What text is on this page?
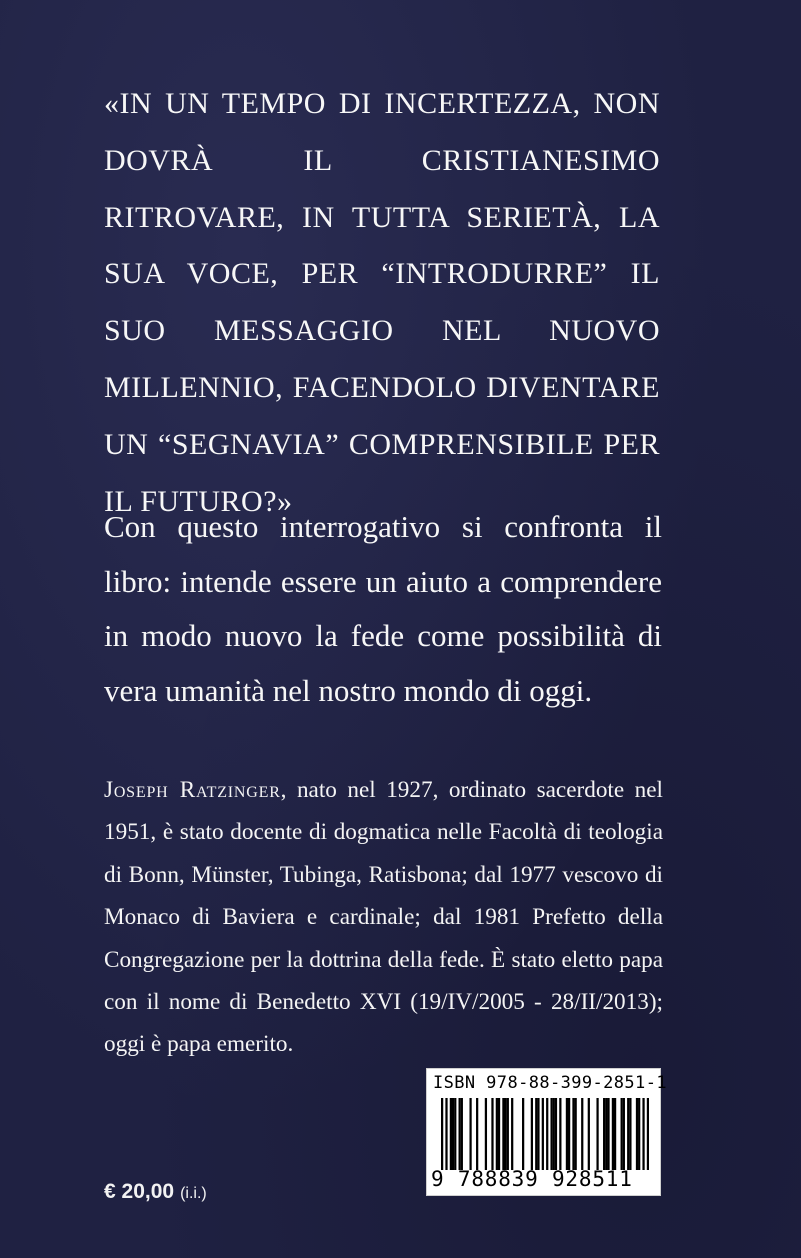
«IN UN TEMPO DI INCERTEZZA, NON DOVRÀ IL CRISTIANESIMO RITROVARE, IN TUTTA SERIETÀ, LA SUA VOCE, PER “INTRODURRE” IL SUO MESSAGGIO NEL NUOVO MILLENNIO, FACENDOLO DIVENTARE UN “SEGNAVIA” COMPRENSIBILE PER IL FUTURO?»

Con questo interrogativo si confronta il libro: intende essere un aiuto a comprendere in modo nuovo la fede come possibilità di vera umanità nel nostro mondo di oggi.

Joseph Ratzinger, nato nel 1927, ordinato sacerdote nel 1951, è stato docente di dogmatica nelle Facoltà di teologia di Bonn, Münster, Tubinga, Ratisbona; dal 1977 vescovo di Monaco di Baviera e cardinale; dal 1981 Prefetto della Congregazione per la dottrina della fede. È stato eletto papa con il nome di Benedetto XVI (19/IV/2005 - 28/II/2013); oggi è papa emerito.

ISBN 978-88-399-2851-1
9 788839 928511
€ 20,00 (i.i.)
